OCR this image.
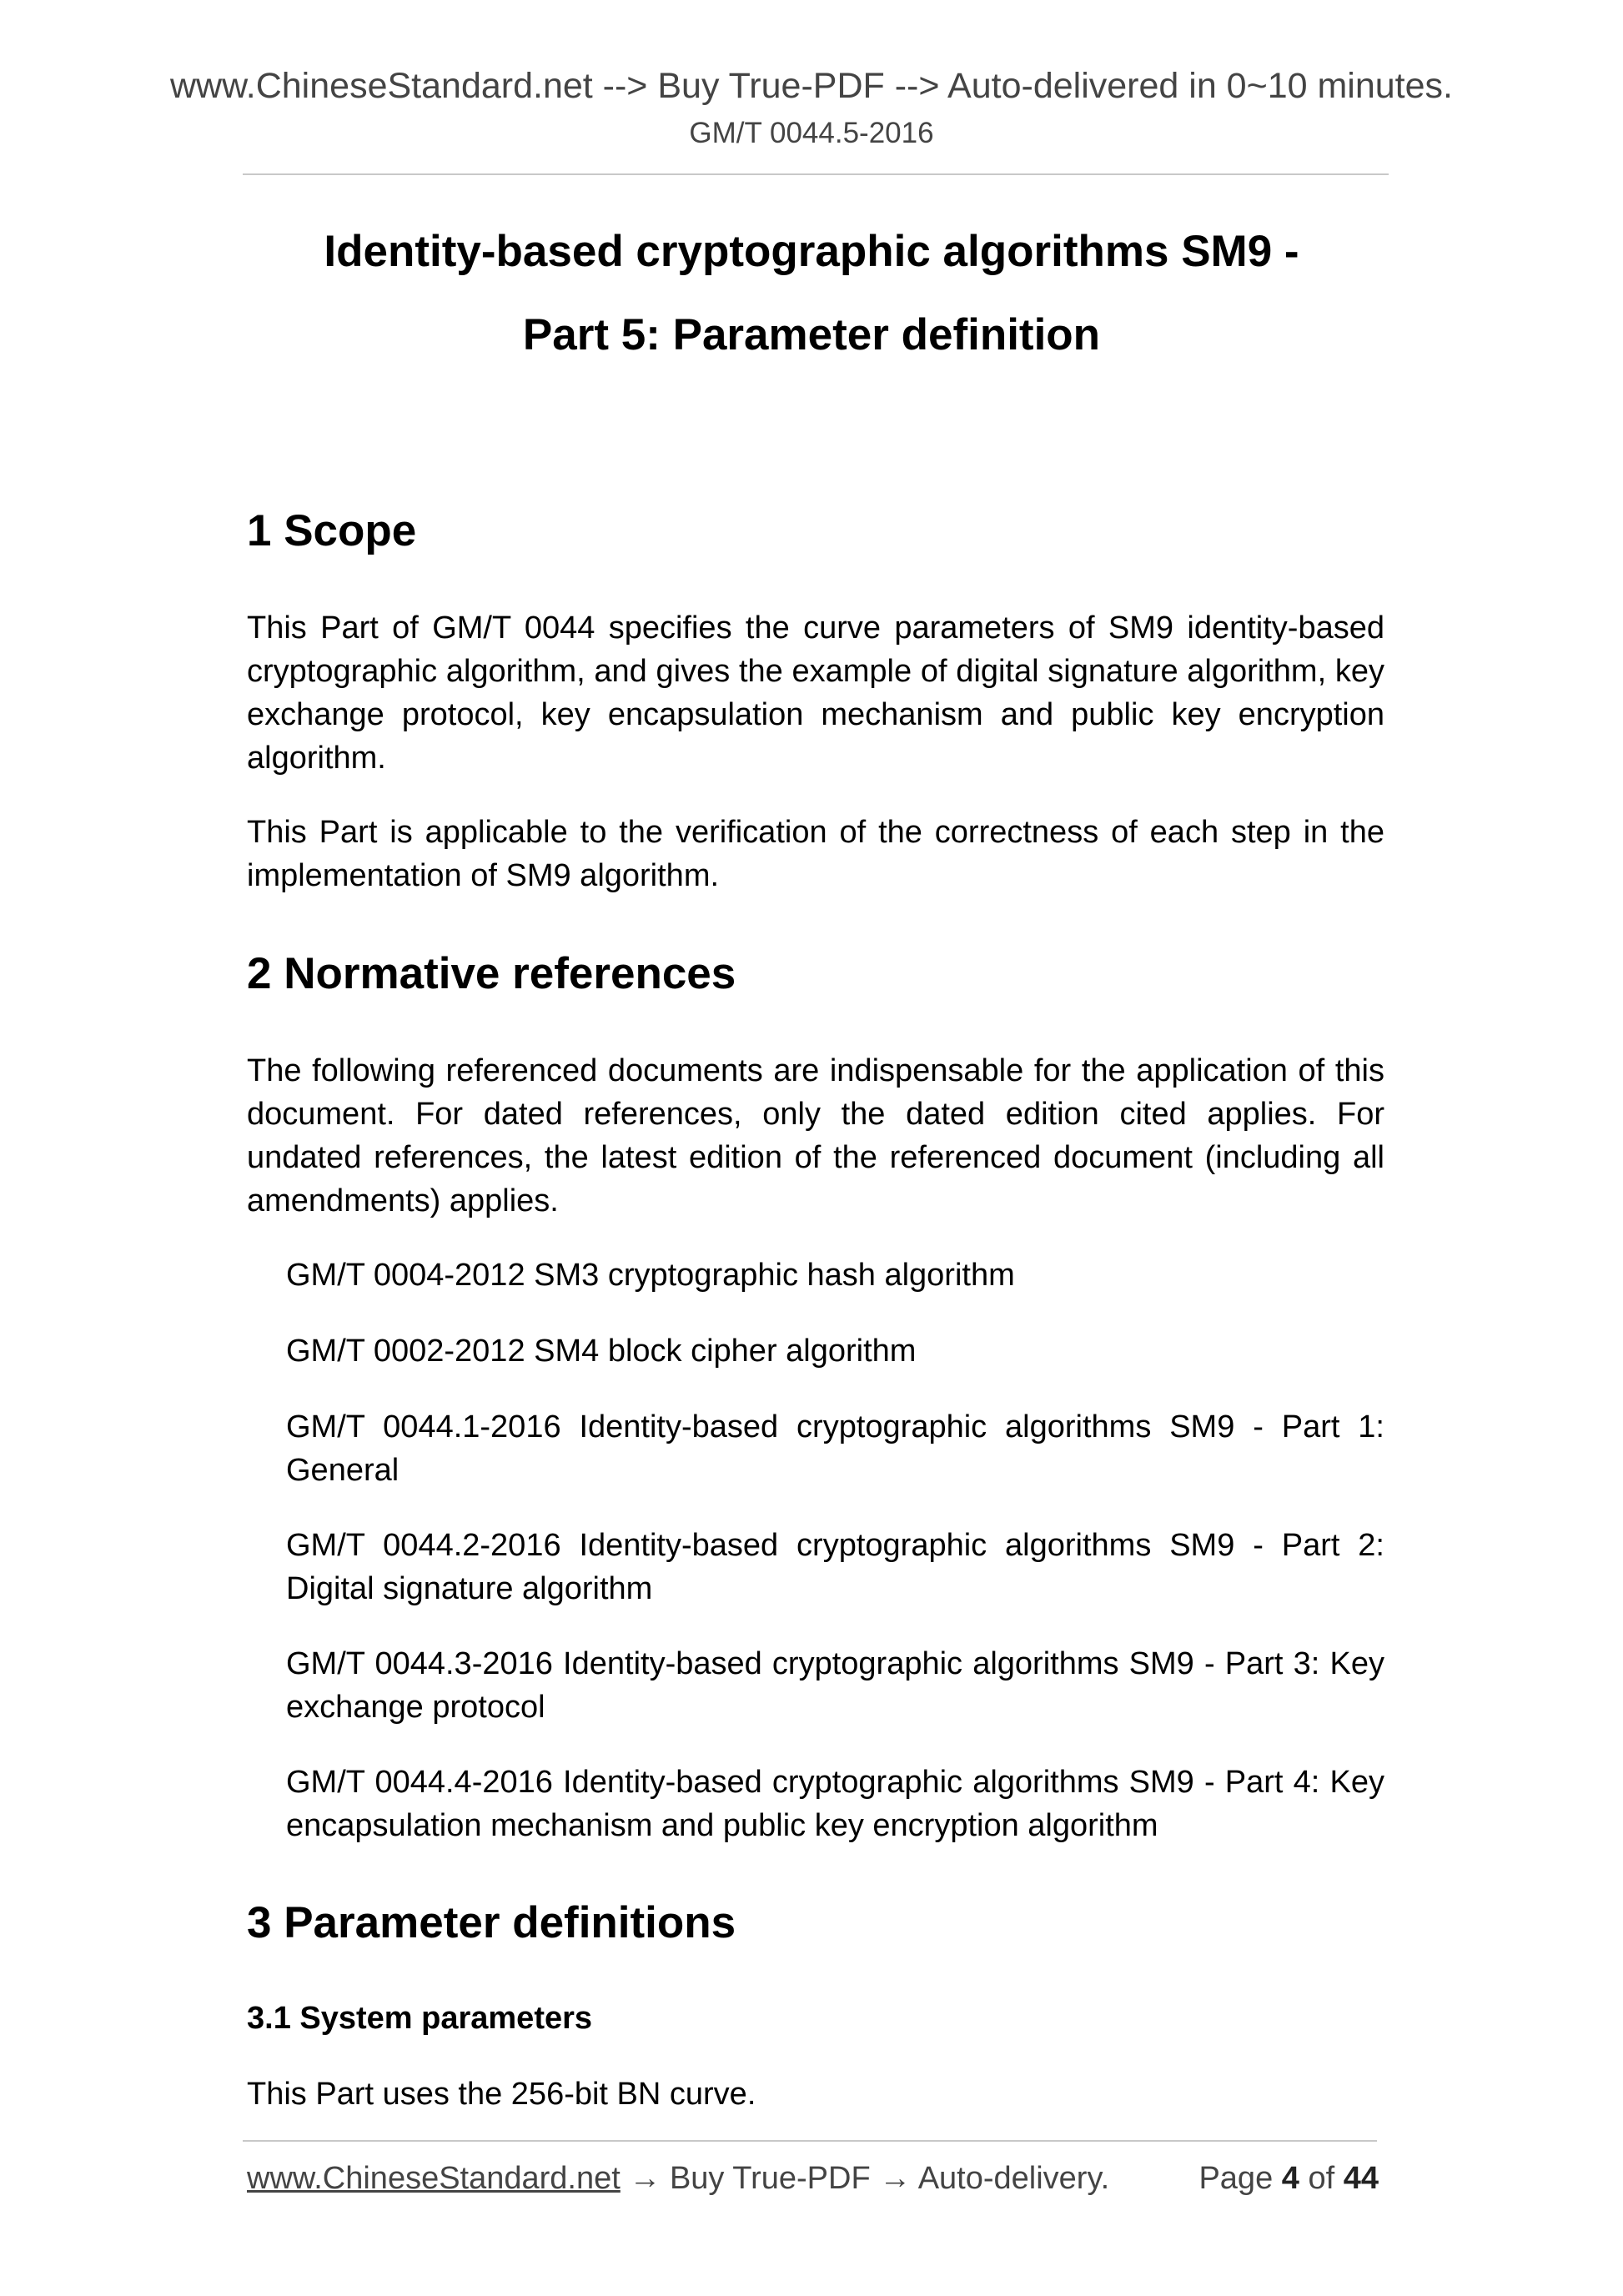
www.ChineseStandard.net --> Buy True-PDF --> Auto-delivered in 0~10 minutes.
GM/T 0044.5-2016
Identity-based cryptographic algorithms SM9 -
Part 5: Parameter definition
1 Scope

This Part of GM/T 0044 specifies the curve parameters of SM9 identity-based cryptographic algorithm, and gives the example of digital signature algorithm, key exchange protocol, key encapsulation mechanism and public key encryption algorithm.

This Part is applicable to the verification of the correctness of each step in the implementation of SM9 algorithm.

2 Normative references

The following referenced documents are indispensable for the application of this document. For dated references, only the dated edition cited applies. For undated references, the latest edition of the referenced document (including all amendments) applies.

GM/T 0004-2012 SM3 cryptographic hash algorithm

GM/T 0002-2012 SM4 block cipher algorithm

GM/T 0044.1-2016 Identity-based cryptographic algorithms SM9 - Part 1: General

GM/T 0044.2-2016 Identity-based cryptographic algorithms SM9 - Part 2: Digital signature algorithm

GM/T 0044.3-2016 Identity-based cryptographic algorithms SM9 - Part 3: Key exchange protocol

GM/T 0044.4-2016 Identity-based cryptographic algorithms SM9 - Part 4: Key encapsulation mechanism and public key encryption algorithm

3 Parameter definitions
3.1 System parameters

This Part uses the 256-bit BN curve.

www.ChineseStandard.net → Buy True-PDF → Auto-delivery.	Page 4 of 44
